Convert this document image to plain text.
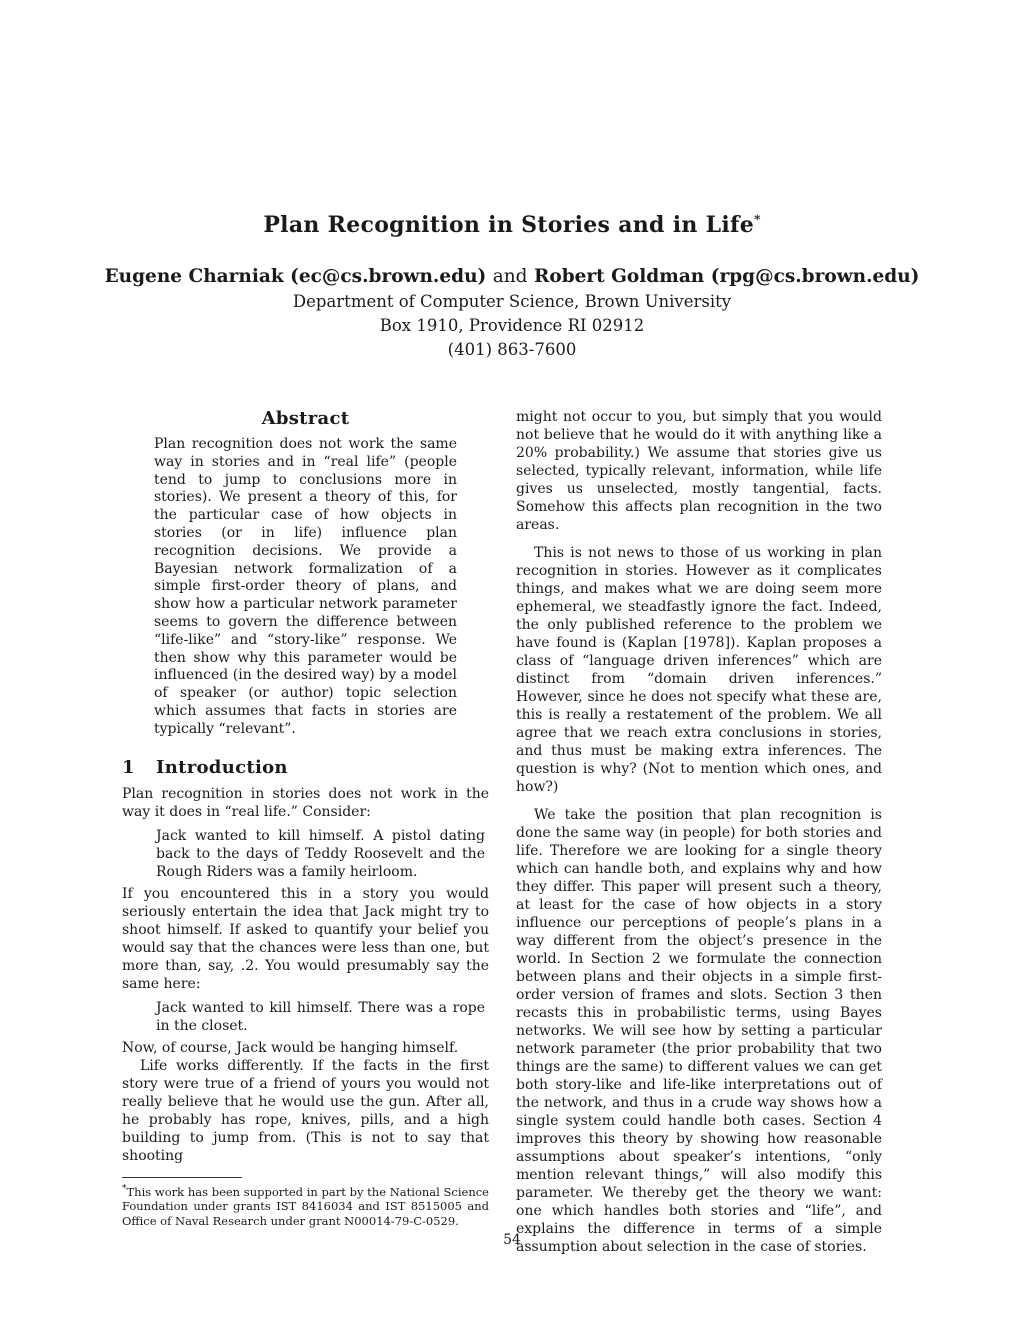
Plan Recognition in Stories and in Life*
Eugene Charniak (ec@cs.brown.edu) and Robert Goldman (rpg@cs.brown.edu)
Department of Computer Science, Brown University
Box 1910, Providence RI 02912
(401) 863-7600
Abstract

Plan recognition does not work the same way in stories and in “real life” (people tend to jump to conclusions more in stories). We present a theory of this, for the particular case of how objects in stories (or in life) influence plan recognition decisions. We provide a Bayesian network formalization of a simple first-order theory of plans, and show how a particular network parameter seems to govern the difference between “life-like” and “story-like” response. We then show why this parameter would be influenced (in the desired way) by a model of speaker (or author) topic selection which assumes that facts in stories are typically “relevant”.

1 Introduction

Plan recognition in stories does not work in the way it does in “real life.” Consider:

Jack wanted to kill himself. A pistol dating back to the days of Teddy Roosevelt and the Rough Riders was a family heirloom.

If you encountered this in a story you would seriously entertain the idea that Jack might try to shoot himself. If asked to quantify your belief you would say that the chances were less than one, but more than, say, .2. You would presumably say the same here:

Jack wanted to kill himself. There was a rope in the closet.

Now, of course, Jack would be hanging himself.

Life works differently. If the facts in the first story were true of a friend of yours you would not really believe that he would use the gun. After all, he probably has rope, knives, pills, and a high building to jump from. (This is not to say that shooting

*This work has been supported in part by the National Science Foundation under grants IST 8416034 and IST 8515005 and Office of Naval Research under grant N00014-79-C-0529.

might not occur to you, but simply that you would not believe that he would do it with anything like a 20% probability.) We assume that stories give us selected, typically relevant, information, while life gives us unselected, mostly tangential, facts. Somehow this affects plan recognition in the two areas.

This is not news to those of us working in plan recognition in stories. However as it complicates things, and makes what we are doing seem more ephemeral, we steadfastly ignore the fact. Indeed, the only published reference to the problem we have found is (Kaplan [1978]). Kaplan proposes a class of “language driven inferences” which are distinct from “domain driven inferences.” However, since he does not specify what these are, this is really a restatement of the problem. We all agree that we reach extra conclusions in stories, and thus must be making extra inferences. The question is why? (Not to mention which ones, and how?)

We take the position that plan recognition is done the same way (in people) for both stories and life. Therefore we are looking for a single theory which can handle both, and explains why and how they differ. This paper will present such a theory, at least for the case of how objects in a story influence our perceptions of people’s plans in a way different from the object’s presence in the world. In Section 2 we formulate the connection between plans and their objects in a simple first-order version of frames and slots. Section 3 then recasts this in probabilistic terms, using Bayes networks. We will see how by setting a particular network parameter (the prior probability that two things are the same) to different values we can get both story-like and life-like interpretations out of the network, and thus in a crude way shows how a single system could handle both cases. Section 4 improves this theory by showing how reasonable assumptions about speaker’s intentions, “only mention relevant things,” will also modify this parameter. We thereby get the theory we want: one which handles both stories and “life”, and explains the difference in terms of a simple assumption about selection in the case of stories.

54
